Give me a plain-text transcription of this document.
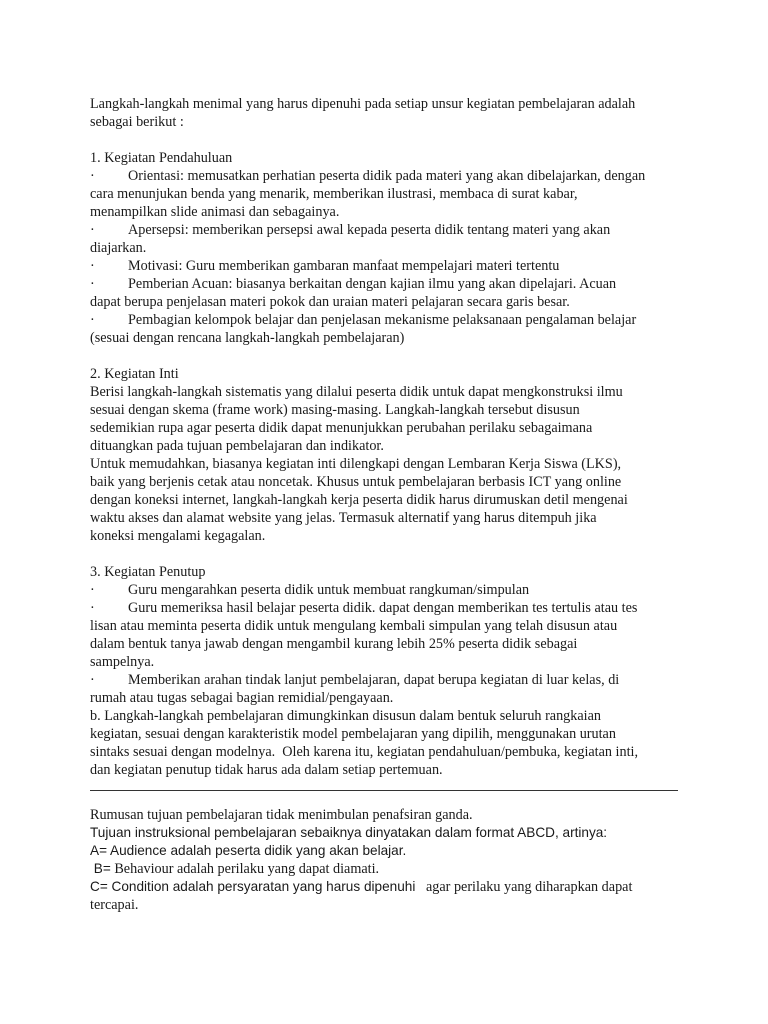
Langkah-langkah menimal yang harus dipenuhi pada setiap unsur kegiatan pembelajaran adalah

sebagai berikut :

1. Kegiatan Pendahuluan

·	Orientasi: memusatkan perhatian peserta didik pada materi yang akan dibelajarkan, dengan

cara menunjukan benda yang menarik, memberikan ilustrasi, membaca di surat kabar,

menampilkan slide animasi dan sebagainya.

·	Apersepsi: memberikan persepsi awal kepada peserta didik tentang materi yang akan

diajarkan.

·	Motivasi: Guru memberikan gambaran manfaat mempelajari materi tertentu
·	Pemberian Acuan: biasanya berkaitan dengan kajian ilmu yang akan dipelajari. Acuan

dapat berupa penjelasan materi pokok dan uraian materi pelajaran secara garis besar.

·	Pembagian kelompok belajar dan penjelasan mekanisme pelaksanaan pengalaman belajar

(sesuai dengan rencana langkah-langkah pembelajaran)

2. Kegiatan Inti

Berisi langkah-langkah sistematis yang dilalui peserta didik untuk dapat mengkonstruksi ilmu

sesuai dengan skema (frame work) masing-masing. Langkah-langkah tersebut disusun

sedemikian rupa agar peserta didik dapat menunjukkan perubahan perilaku sebagaimana

dituangkan pada tujuan pembelajaran dan indikator.

Untuk memudahkan, biasanya kegiatan inti dilengkapi dengan Lembaran Kerja Siswa (LKS),

baik yang berjenis cetak atau noncetak. Khusus untuk pembelajaran berbasis ICT yang online

dengan koneksi internet, langkah-langkah kerja peserta didik harus dirumuskan detil mengenai

waktu akses dan alamat website yang jelas. Termasuk alternatif yang harus ditempuh jika

koneksi mengalami kegagalan.

3. Kegiatan Penutup

·	Guru mengarahkan peserta didik untuk membuat rangkuman/simpulan
·	Guru memeriksa hasil belajar peserta didik. dapat dengan memberikan tes tertulis atau tes

lisan atau meminta peserta didik untuk mengulang kembali simpulan yang telah disusun atau

dalam bentuk tanya jawab dengan mengambil kurang lebih 25% peserta didik sebagai

sampelnya.

·	Memberikan arahan tindak lanjut pembelajaran, dapat berupa kegiatan di luar kelas, di

rumah atau tugas sebagai bagian remidial/pengayaan.

b. Langkah-langkah pembelajaran dimungkinkan disusun dalam bentuk seluruh rangkaian

kegiatan, sesuai dengan karakteristik model pembelajaran yang dipilih, menggunakan urutan

sintaks sesuai dengan modelnya.  Oleh karena itu, kegiatan pendahuluan/pembuka, kegiatan inti,

dan kegiatan penutup tidak harus ada dalam setiap pertemuan.

Rumusan tujuan pembelajaran tidak menimbulan penafsiran ganda.

Tujuan instruksional pembelajaran sebaiknya dinyatakan dalam format ABCD, artinya:

A= Audience adalah peserta didik yang akan belajar.

B= Behaviour adalah perilaku yang dapat diamati.

C= Condition adalah persyaratan yang harus dipenuhi   agar perilaku yang diharapkan dapat

tercapai.
